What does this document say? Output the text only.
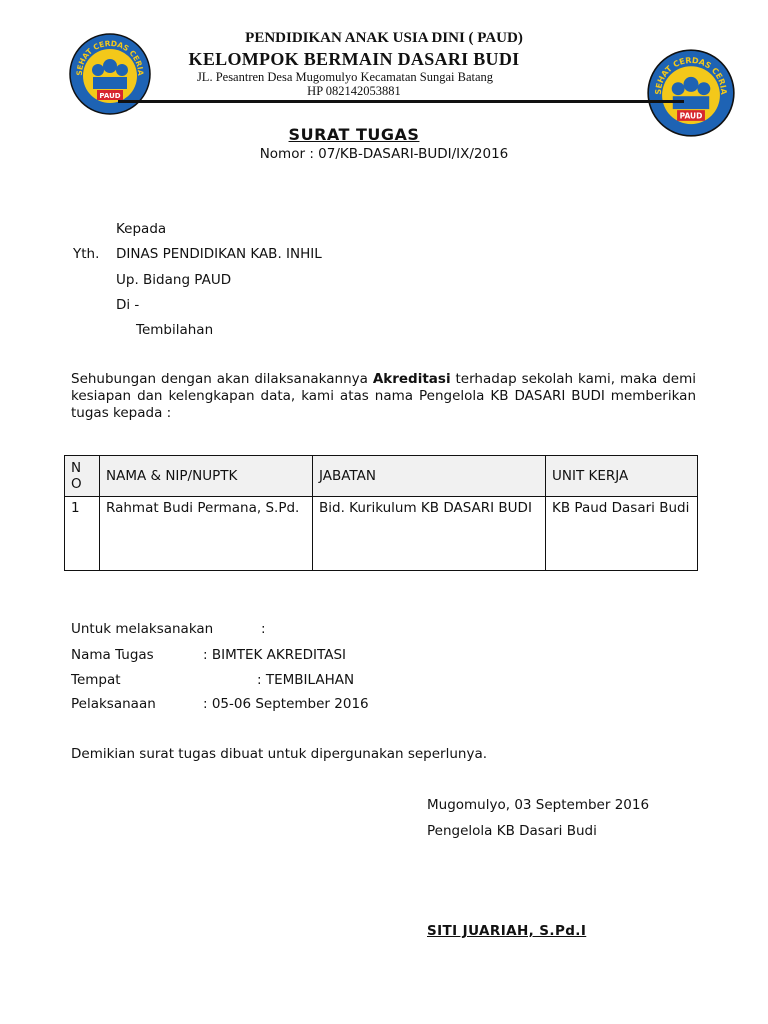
SEHAT CERDAS CERIA
PAUD
SEHAT CERDAS CERIA
PAUD
PENDIDIKAN ANAK USIA DINI ( PAUD)
KELOMPOK BERMAIN DASARI BUDI
JL. Pesantren Desa Mugomulyo Kecamatan Sungai Batang
HP 082142053881
SURAT TUGAS
Nomor : 07/KB-DASARI-BUDI/IX/2016
Kepada
Yth. DINAS PENDIDIKAN KAB. INHIL
Up. Bidang PAUD
Di -
Tembilahan
Sehubungan dengan akan dilaksanakannya Akreditasi terhadap sekolah kami, maka demi kesiapan dan kelengkapan data, kami atas nama Pengelola KB DASARI BUDI memberikan tugas kepada :
N O	NAMA & NIP/NUPTK	JABATAN	UNIT KERJA
1	Rahmat Budi Permana, S.Pd.	Bid. Kurikulum KB DASARI BUDI	KB Paud Dasari Budi
Untuk melaksanakan	:
Nama Tugas	: BIMTEK AKREDITASI
Tempat	: TEMBILAHAN
Pelaksanaan	: 05-06 September 2016
Demikian surat tugas dibuat untuk dipergunakan seperlunya.
Mugomulyo, 03 September 2016
Pengelola KB Dasari Budi
SITI JUARIAH, S.Pd.I
